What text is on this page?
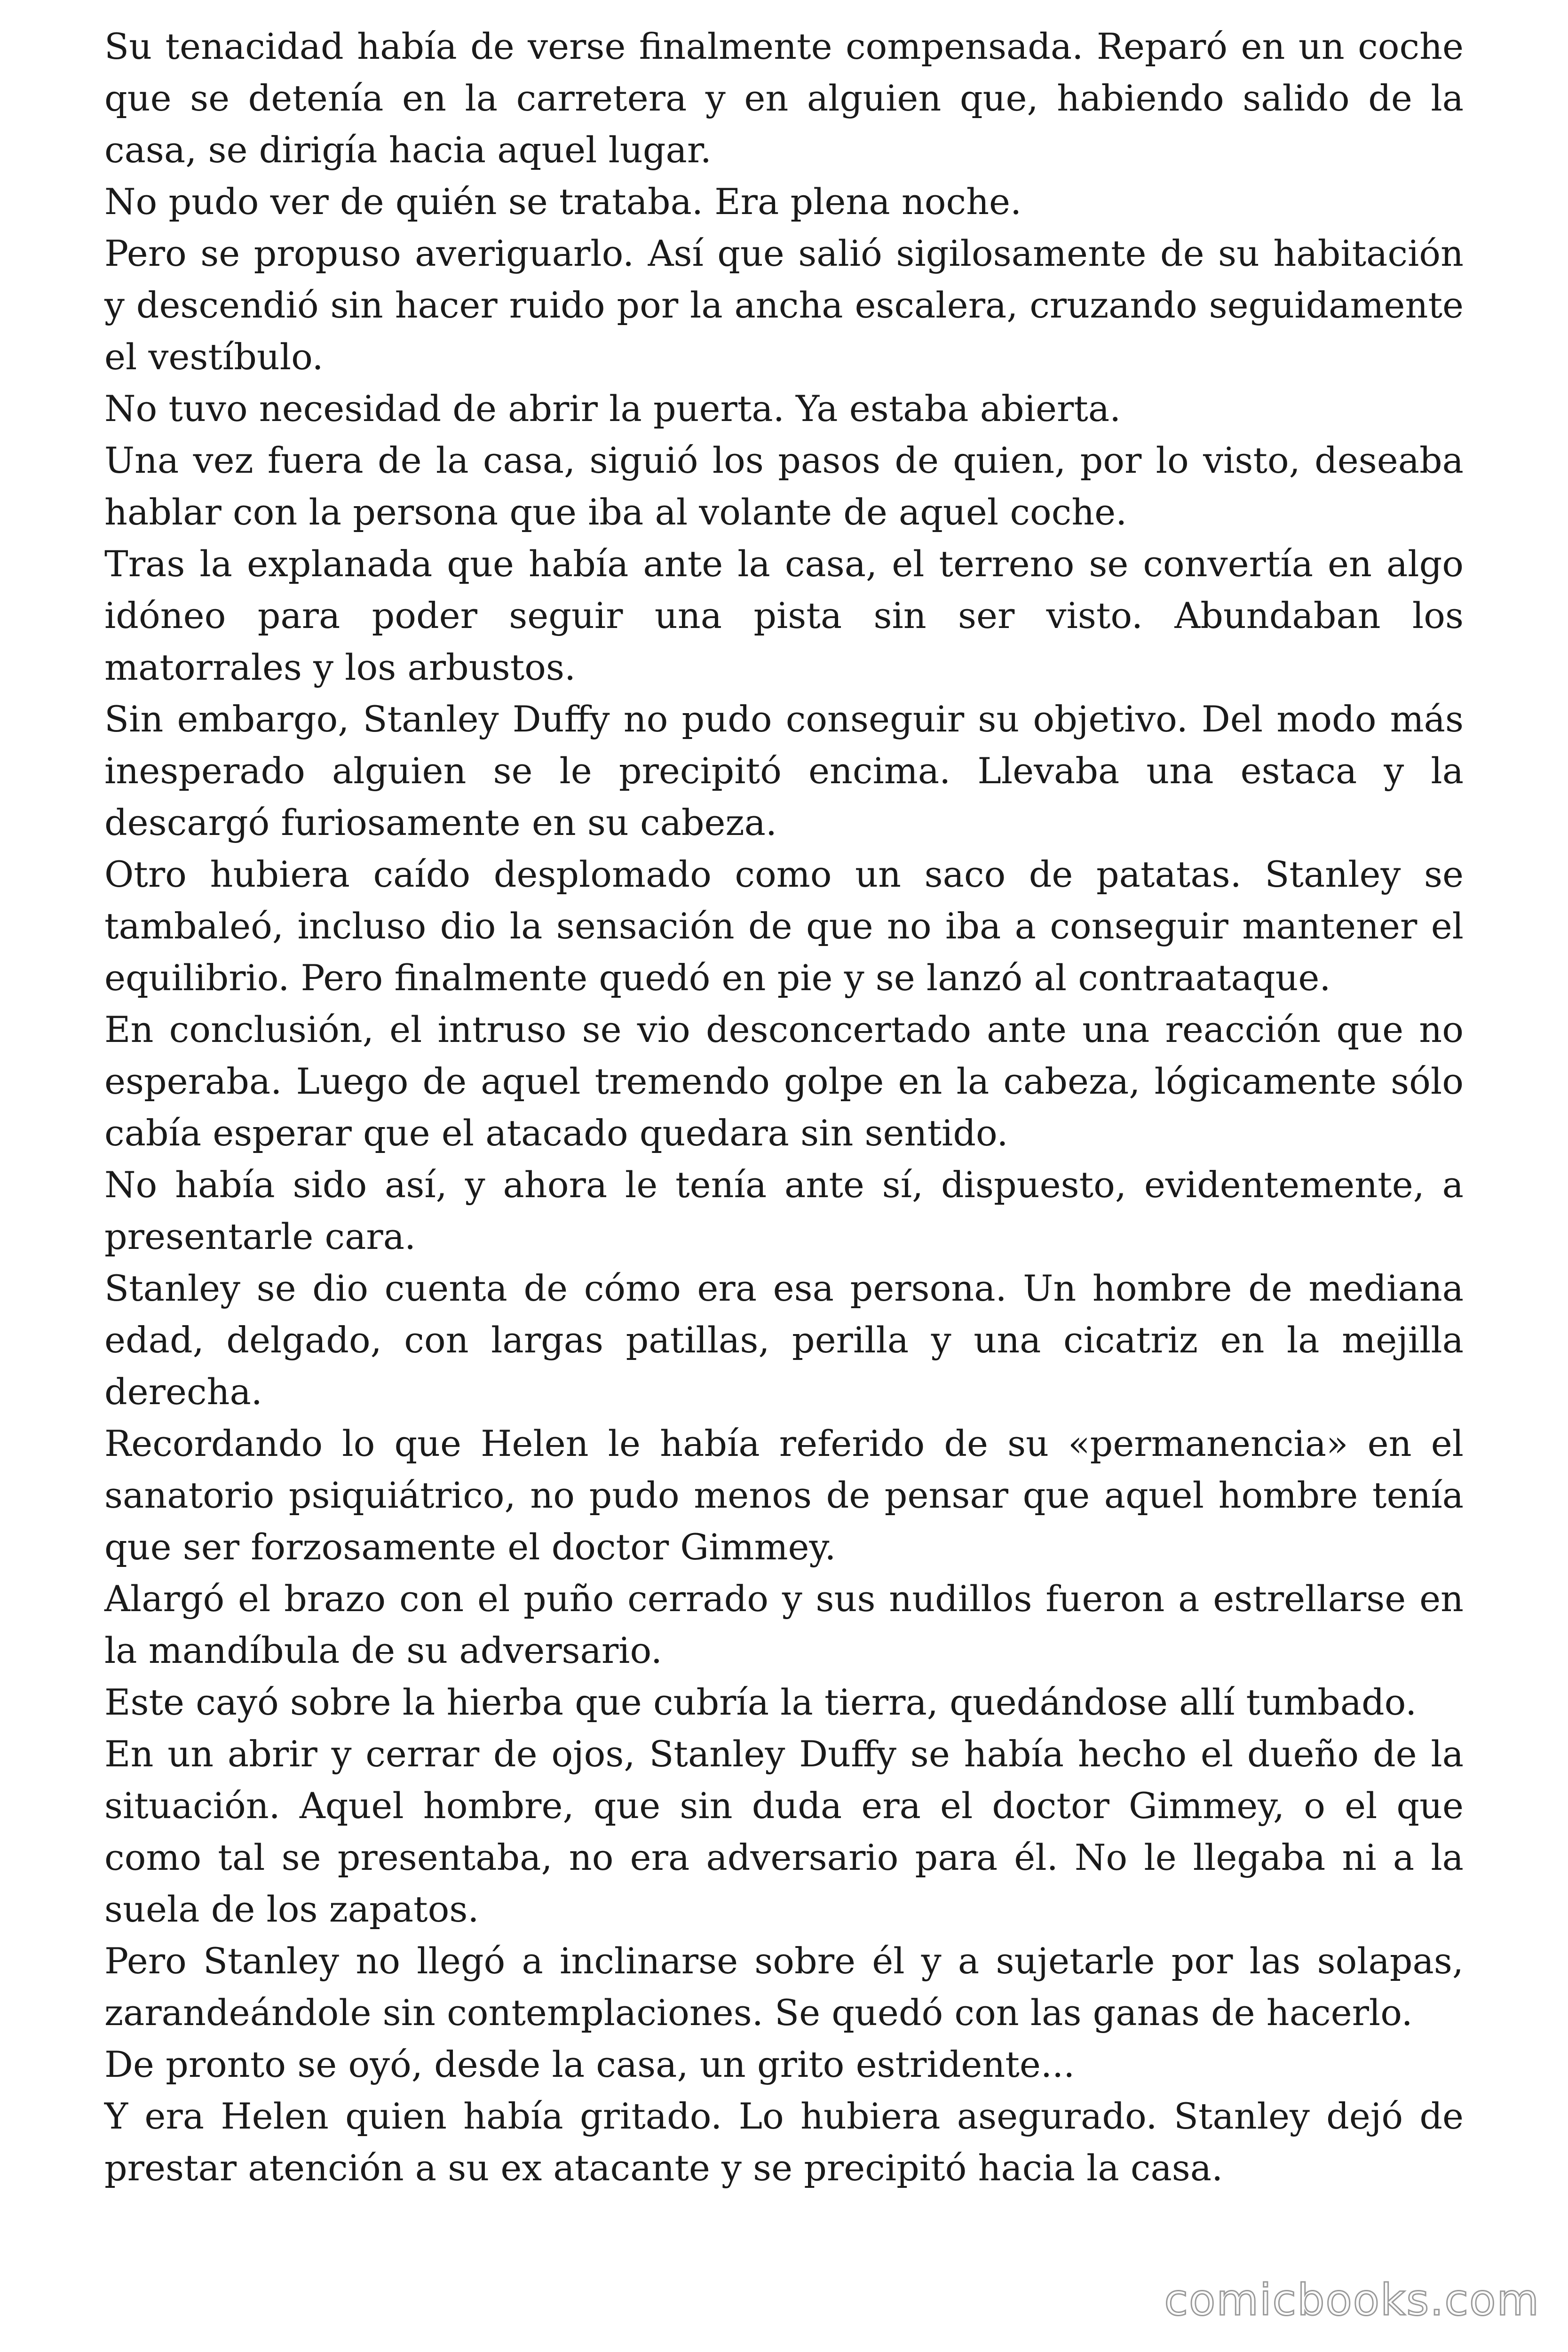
Su tenacidad había de verse finalmente compensada. Reparó en un coche que se detenía en la carretera y en alguien que, habiendo salido de la casa, se dirigía hacia aquel lugar.

No pudo ver de quién se trataba. Era plena noche.

Pero se propuso averiguarlo. Así que salió sigilosamente de su habitación y descendió sin hacer ruido por la ancha escalera, cruzando seguidamente el vestíbulo.

No tuvo necesidad de abrir la puerta. Ya estaba abierta.

Una vez fuera de la casa, siguió los pasos de quien, por lo visto, deseaba hablar con la persona que iba al volante de aquel coche.

Tras la explanada que había ante la casa, el terreno se convertía en algo idóneo para poder seguir una pista sin ser visto. Abundaban los matorrales y los arbustos.

Sin embargo, Stanley Duffy no pudo conseguir su objetivo. Del modo más inesperado alguien se le precipitó encima. Llevaba una estaca y la descargó furiosamente en su cabeza.

Otro hubiera caído desplomado como un saco de patatas. Stanley se tambaleó, incluso dio la sensación de que no iba a conseguir mantener el equilibrio. Pero finalmente quedó en pie y se lanzó al contraataque.

En conclusión, el intruso se vio desconcertado ante una reacción que no esperaba. Luego de aquel tremendo golpe en la cabeza, lógicamente sólo cabía esperar que el atacado quedara sin sentido.

No había sido así, y ahora le tenía ante sí, dispuesto, evidentemente, a presentarle cara.

Stanley se dio cuenta de cómo era esa persona. Un hombre de mediana edad, delgado, con largas patillas, perilla y una cicatriz en la mejilla derecha.

Recordando lo que Helen le había referido de su «permanencia» en el sanatorio psiquiátrico, no pudo menos de pensar que aquel hombre tenía que ser forzosamente el doctor Gimmey.

Alargó el brazo con el puño cerrado y sus nudillos fueron a estrellarse en la mandíbula de su adversario.

Este cayó sobre la hierba que cubría la tierra, quedándose allí tumbado.

En un abrir y cerrar de ojos, Stanley Duffy se había hecho el dueño de la situación. Aquel hombre, que sin duda era el doctor Gimmey, o el que como tal se presentaba, no era adversario para él. No le llegaba ni a la suela de los zapatos.

Pero Stanley no llegó a inclinarse sobre él y a sujetarle por las solapas, zarandeándole sin contemplaciones. Se quedó con las ganas de hacerlo.

De pronto se oyó, desde la casa, un grito estridente...

Y era Helen quien había gritado. Lo hubiera asegurado. Stanley dejó de prestar atención a su ex atacante y se precipitó hacia la casa.

comicbooks.com
